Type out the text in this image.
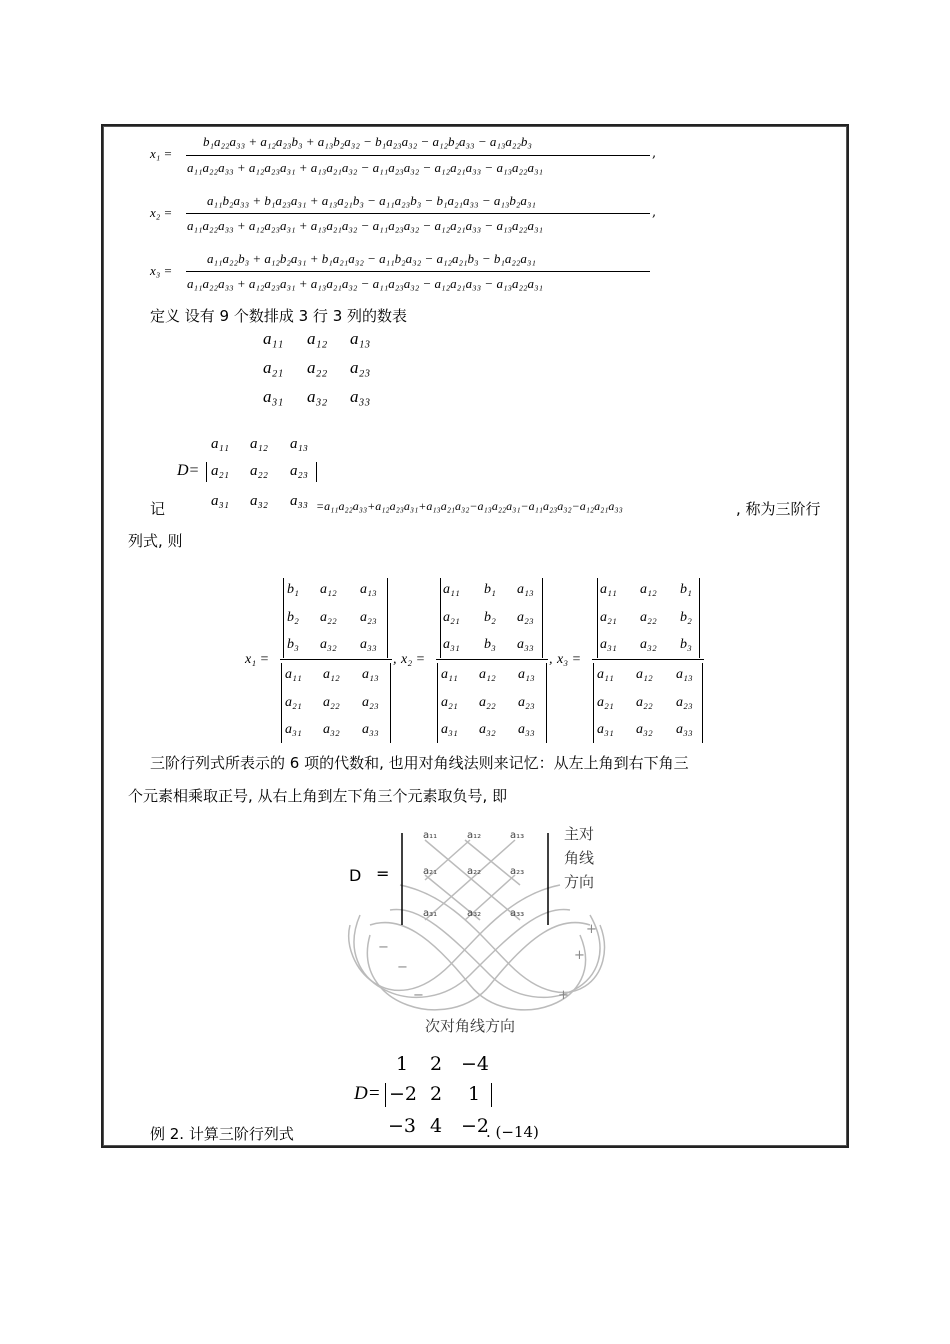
x₁ =
b₁a₂₂a₃₃ + a₁₂a₂₃b₃ + a₁₃b₂a₃₂ − b₁a₂₃a₃₂ − a₁₂b₂a₃₃ − a₁₃a₂₂b₃
a₁₁a₂₂a₃₃ + a₁₂a₂₃a₃₁ + a₁₃a₂₁a₃₂ − a₁₁a₂₃a₃₂ − a₁₂a₂₁a₃₃ − a₁₃a₂₂a₃₁
,
x₂ =
a₁₁b₂a₃₃ + b₁a₂₃a₃₁ + a₁₃a₂₁b₃ − a₁₁a₂₃b₃ − b₁a₂₁a₃₃ − a₁₃b₂a₃₁
a₁₁a₂₂a₃₃ + a₁₂a₂₃a₃₁ + a₁₃a₂₁a₃₂ − a₁₁a₂₃a₃₂ − a₁₂a₂₁a₃₃ − a₁₃a₂₂a₃₁
,
x₃ =
a₁₁a₂₂b₃ + a₁₂b₂a₃₁ + b₁a₂₁a₃₂ − a₁₁b₂a₃₂ − a₁₂a₂₁b₃ − b₁a₂₂a₃₁
a₁₁a₂₂a₃₃ + a₁₂a₂₃a₃₁ + a₁₃a₂₁a₃₂ − a₁₁a₂₃a₃₂ − a₁₂a₂₁a₃₃ − a₁₃a₂₂a₃₁
定义 设有 9 个数排成 3 行 3 列的数表
a₁₁ a₁₂ a₁₃
a₂₁ a₂₂ a₂₃
a₃₁ a₃₂ a₃₃
a₁₁ a₁₂ a₁₃
D= a₂₁ a₂₂ a₂₃
记	a₃₁ a₃₂ a₃₃ =a₁₁a₂₂a₃₃+a₁₂a₂₃a₃₁+a₁₃a₂₁a₃₂−a₁₃a₂₂a₃₁−a₁₁a₂₃a₃₂−a₁₂a₂₁a₃₃	, 称为三阶行
列式, 则
x₁ =
b₁ a₁₂ a₁₃
b₂ a₂₂ a₂₃
b₃ a₃₂ a₃₃
a₁₁ a₁₂ a₁₃
a₂₁ a₂₂ a₂₃
a₃₁ a₃₂ a₃₃
, x₂ =
a₁₁ b₁ a₁₃
a₂₁ b₂ a₂₃
a₃₁ b₃ a₃₃
a₁₁ a₁₂ a₁₃
a₂₁ a₂₂ a₂₃
a₃₁ a₃₂ a₃₃
, x₃ =
a₁₁ a₁₂ b₁
a₂₁ a₂₂ b₂
a₃₁ a₃₂ b₃
a₁₁ a₁₂ a₁₃
a₂₁ a₂₂ a₂₃
a₃₁ a₃₂ a₃₃
三阶行列式所表示的 6 项的代数和, 也用对角线法则来记忆：从左上角到右下角三
个元素相乘取正号, 从右上角到左下角三个元素取负号, 即
D =
a₁₁	a₁₂	a₁₃
a₂₁	a₂₂	a₂₃
a₃₁	a₃₂	a₃₃
主对
角线
方向
+
+
+
−
−
−
次对角线方向
1 2 −4
D= −2 2 1
例 2. 计算三阶行列式	−3 4 −2
. (−14)
